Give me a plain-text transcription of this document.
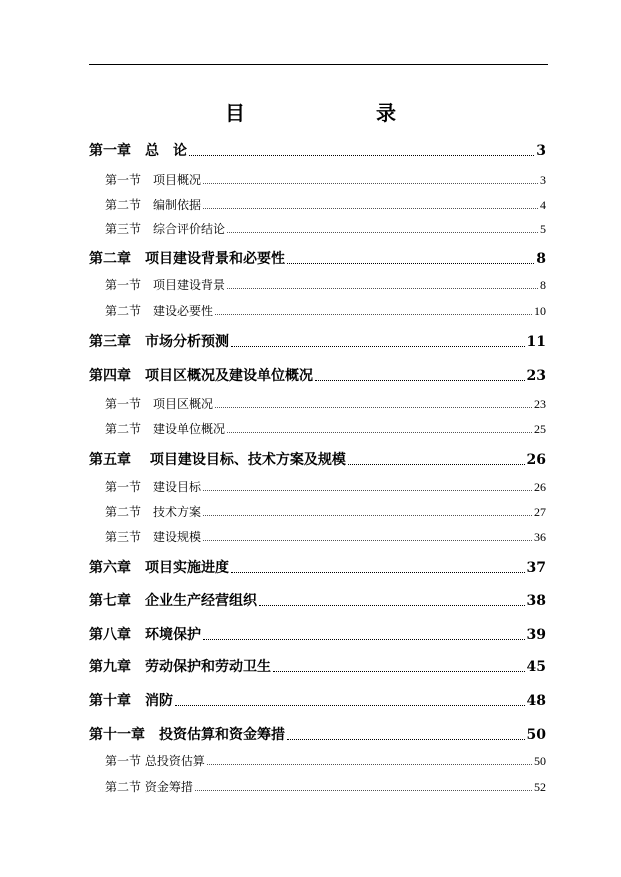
目 录
第一章　总　论	3
第一节　项目概况	3
第二节　编制依据	4
第三节　综合评价结论	5
第二章　项目建设背景和必要性	8
第一节　项目建设背景	8
第二节　建设必要性	10
第三章　市场分析预测	11
第四章　项目区概况及建设单位概况	23
第一节　项目区概况	23
第二节　建设单位概况	25
第五章　 项目建设目标、技术方案及规模	26
第一节　建设目标	26
第二节　技术方案	27
第三节　建设规模	36
第六章　项目实施进度	37
第七章　企业生产经营组织	38
第八章　环境保护	39
第九章　劳动保护和劳动卫生	45
第十章　消防	48
第十一章　投资估算和资金筹措	50
第一节 总投资估算	50
第二节 资金筹措	52
